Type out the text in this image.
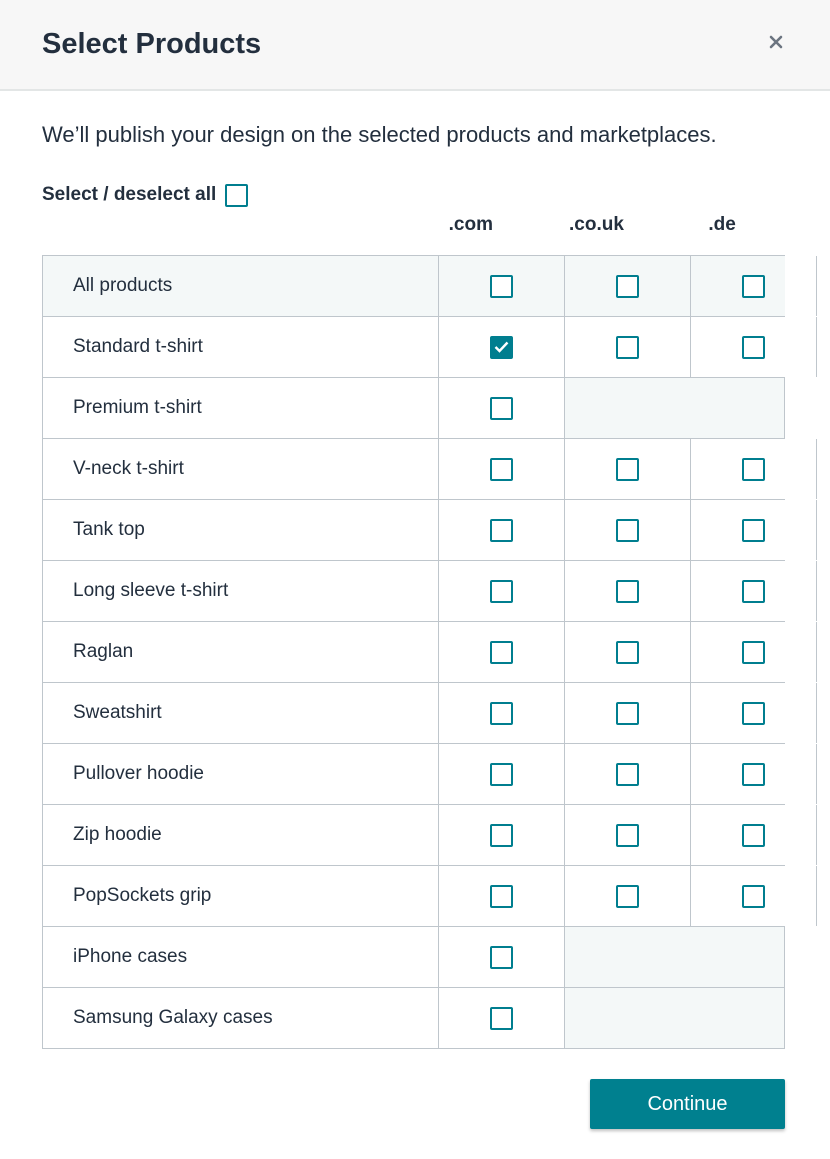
Select Products
We’ll publish your design on the selected products and marketplaces.
Select / deselect all
.com	.co.uk	.de
All products
Standard t-shirt
Premium t-shirt
V-neck t-shirt
Tank top
Long sleeve t-shirt
Raglan
Sweatshirt
Pullover hoodie
Zip hoodie
PopSockets grip
iPhone cases
Samsung Galaxy cases
Continue
